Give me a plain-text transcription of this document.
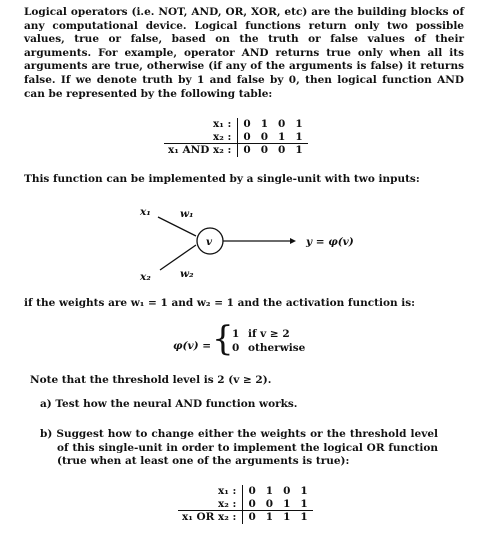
Logical operators (i.e. NOT, AND, OR, XOR, etc) are the building blocks of any computational device. Logical functions return only two possible values, true or false, based on the truth or false values of their arguments. For example, operator AND returns true only when all its arguments are true, otherwise (if any of the arguments is false) it returns false. If we denote truth by 1 and false by 0, then logical function AND can be represented by the following table:

x₁ :	0	1	0	1
x₂ :	0	0	1	1
x₁ AND x₂ :	0	0	0	1
This function can be implemented by a single-unit with two inputs:
x₁	w₁
x₂	w₂
v	y = φ(v)
if the weights are w₁ = 1 and w₂ = 1 and the activation function is:
φ(v) = {
1 if v ≥ 2
0 otherwise
Note that the threshold level is 2 (v ≥ 2).
a) Test how the neural AND function works.

b) Suggest how to change either the weights or the threshold level of this single-unit in order to implement the logical OR function (true when at least one of the arguments is true):

x₁ :	0	1	0	1
x₂ :	0	0	1	1
x₁ OR x₂ :	0	1	1	1
